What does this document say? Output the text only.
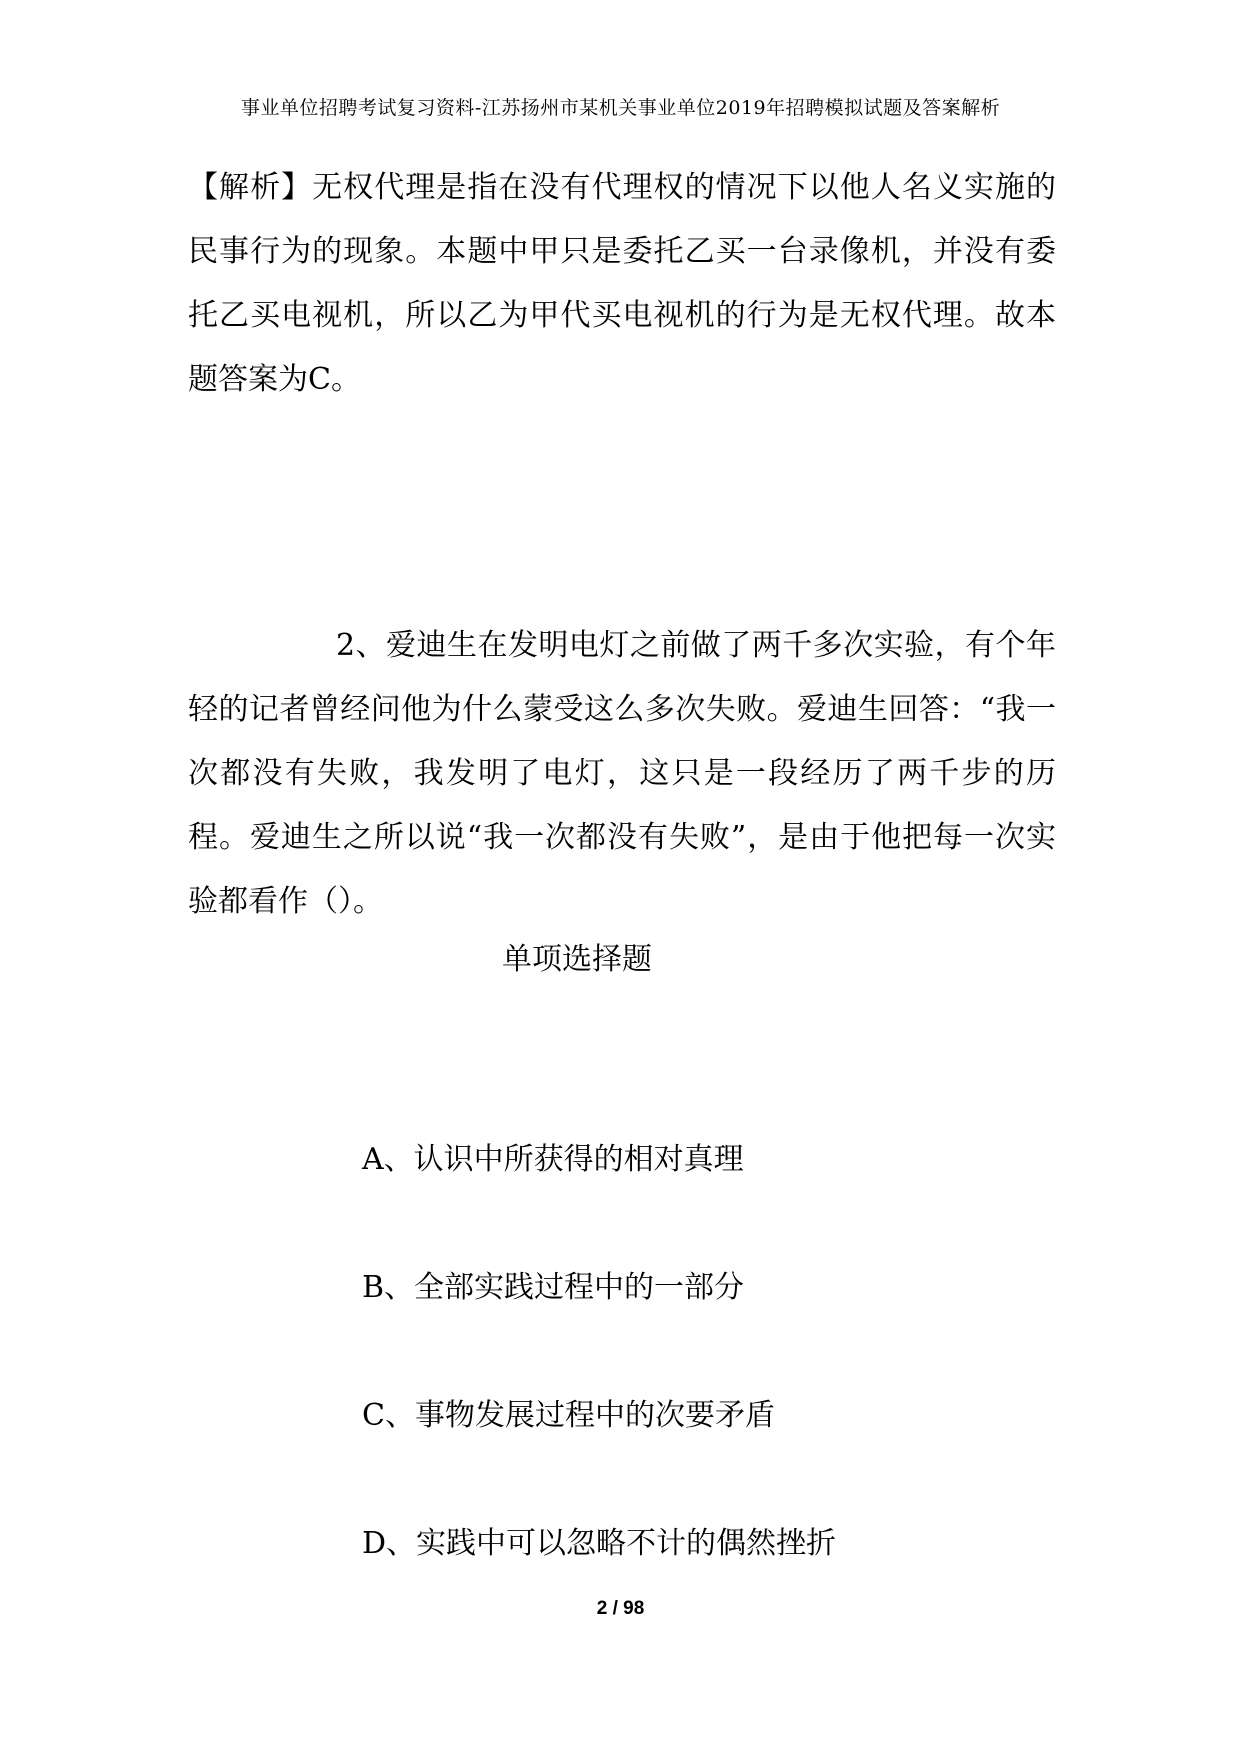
事业单位招聘考试复习资料-江苏扬州市某机关事业单位2019年招聘模拟试题及答案解析
【解析】无权代理是指在没有代理权的情况下以他人名义实施的民事行为的现象。本题中甲只是委托乙买一台录像机，并没有委托乙买电视机，所以乙为甲代买电视机的行为是无权代理。故本题答案为C。
2、爱迪生在发明电灯之前做了两千多次实验，有个年轻的记者曾经问他为什么蒙受这么多次失败。爱迪生回答：“我一次都没有失败，我发明了电灯，这只是一段经历了两千步的历程。爱迪生之所以说“我一次都没有失败”，是由于他把每一次实验都看作（）。
单项选择题
A、认识中所获得的相对真理
B、全部实践过程中的一部分
C、事物发展过程中的次要矛盾
D、实践中可以忽略不计的偶然挫折
2 / 98
